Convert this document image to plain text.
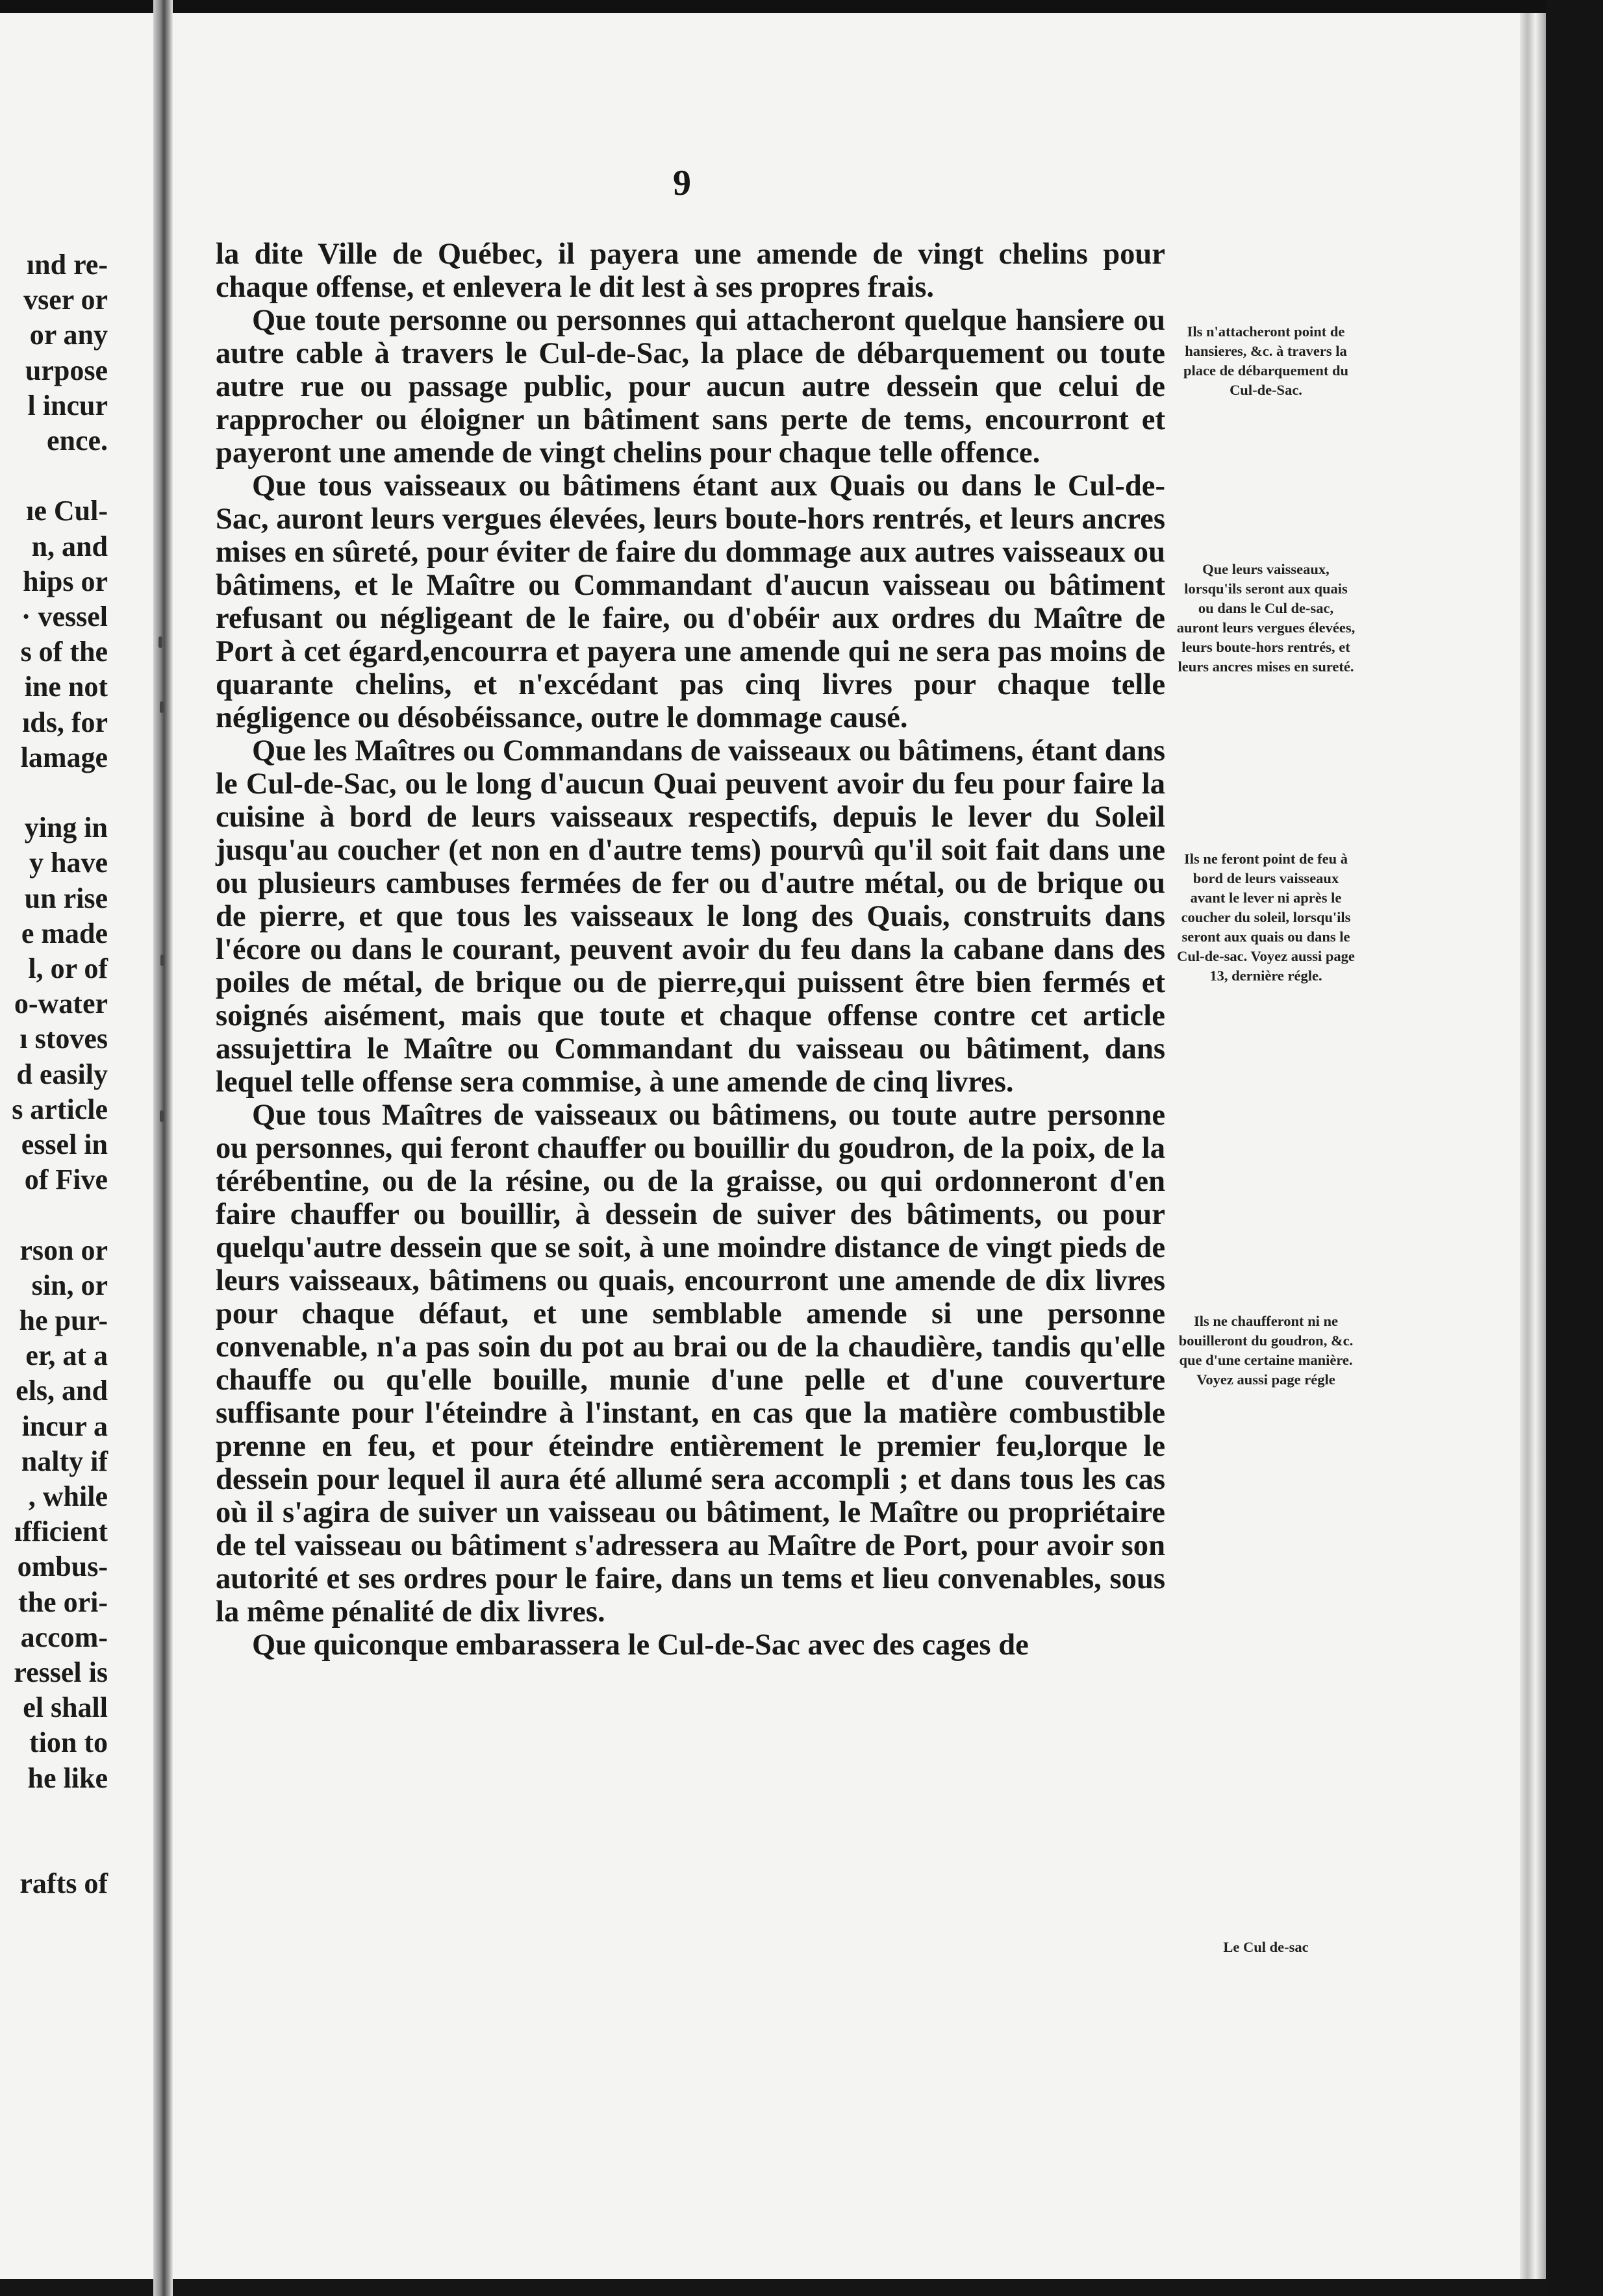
ınd re-
vser or
or any
urpose
l incur
ence.
ıe Cul-
n, and
hips or
· vessel
s of the
ine not
ıds, for
lamage
ying in
y have
un rise
e made
l, or of
o-water
ı stoves
d easily
s article
essel in
of Five
rson or
sin, or
he pur-
er, at a
els, and
incur a
nalty if
, while
ıfficient
ombus-
the ori-
accom-
ressel is
el shall
tion to
he like
rafts of
9

la dite Ville de Québec, il payera une amende de vingt chelins pour chaque offense, et enlevera le dit lest à ses propres frais.

Que toute personne ou personnes qui attacheront quelque hansiere ou autre cable à travers le Cul-de-Sac, la place de débarquement ou toute autre rue ou passage public, pour aucun autre dessein que celui de rapprocher ou éloigner un bâtiment sans perte de tems, encourront et payeront une amende de vingt chelins pour chaque telle offence.

Que tous vaisseaux ou bâtimens étant aux Quais ou dans le Cul-de-Sac, auront leurs vergues élevées, leurs boute-hors rentrés, et leurs ancres mises en sûreté, pour éviter de faire du dommage aux autres vaisseaux ou bâtimens, et le Maître ou Commandant d'aucun vaisseau ou bâtiment refusant ou négligeant de le faire, ou d'obéir aux ordres du Maître de Port à cet égard,encourra et payera une amende qui ne sera pas moins de quarante chelins, et n'excédant pas cinq livres pour chaque telle négligence ou désobéissance, outre le dommage causé.

Que les Maîtres ou Commandans de vaisseaux ou bâtimens, étant dans le Cul-de-Sac, ou le long d'aucun Quai peuvent avoir du feu pour faire la cuisine à bord de leurs vaisseaux respectifs, depuis le lever du Soleil jusqu'au coucher (et non en d'autre tems) pourvû qu'il soit fait dans une ou plusieurs cambuses fermées de fer ou d'autre métal, ou de brique ou de pierre, et que tous les vaisseaux le long des Quais, construits dans l'écore ou dans le courant, peuvent avoir du feu dans la cabane dans des poiles de métal, de brique ou de pierre,qui puissent être bien fermés et soignés aisément, mais que toute et chaque offense contre cet article assujettira le Maître ou Commandant du vaisseau ou bâtiment, dans lequel telle offense sera commise, à une amende de cinq livres.

Que tous Maîtres de vaisseaux ou bâtimens, ou toute autre personne ou personnes, qui feront chauffer ou bouillir du goudron, de la poix, de la térébentine, ou de la résine, ou de la graisse, ou qui ordonneront d'en faire chauffer ou bouillir, à dessein de suiver des bâtiments, ou pour quelqu'autre dessein que se soit, à une moindre distance de vingt pieds de leurs vaisseaux, bâtimens ou quais, encourront une amende de dix livres pour chaque défaut, et une semblable amende si une personne convenable, n'a pas soin du pot au brai ou de la chaudière, tandis qu'elle chauffe ou qu'elle bouille, munie d'une pelle et d'une couverture suffisante pour l'éteindre à l'instant, en cas que la matière combustible prenne en feu, et pour éteindre entièrement le premier feu,lorque le dessein pour lequel il aura été allumé sera accompli ; et dans tous les cas où il s'agira de suiver un vaisseau ou bâtiment, le Maître ou propriétaire de tel vaisseau ou bâtiment s'adressera au Maître de Port, pour avoir son autorité et ses ordres pour le faire, dans un tems et lieu convenables, sous la même pénalité de dix livres.

Que quiconque embarassera le Cul-de-Sac avec des cages de

Ils n'attacheront point de hansieres, &c. à travers la place de débarquement du Cul-de-Sac.
Que leurs vaisseaux, lorsqu'ils seront aux quais ou dans le Cul de-sac, auront leurs vergues élevées, leurs boute-hors rentrés, et leurs ancres mises en sureté.
Ils ne feront point de feu à bord de leurs vaisseaux avant le lever ni après le coucher du soleil, lorsqu'ils seront aux quais ou dans le Cul-de-sac. Voyez aussi page 13, dernière régle.
Ils ne chaufferont ni ne bouilleront du goudron, &c. que d'une certaine manière. Voyez aussi page régle
Le Cul de-sac
